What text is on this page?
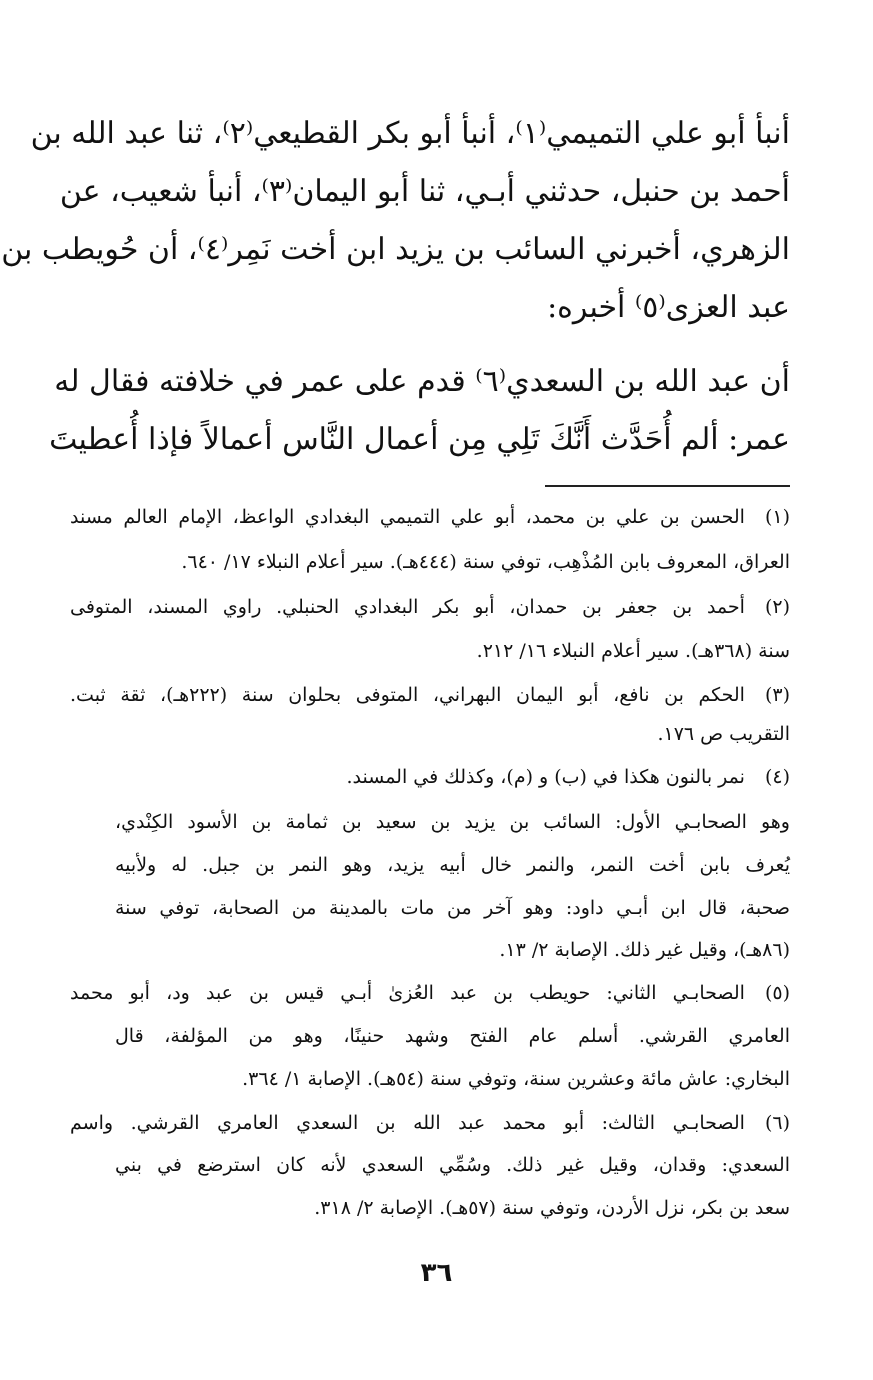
أنبأ أبو علي التميمي⁽١⁾، أنبأ أبو بكر القطيعي⁽٢⁾، ثنا عبد الله بن
أحمد بن حنبل، حدثني أبـي، ثنا أبو اليمان⁽٣⁾، أنبأ شعيب، عن
الزهري، أخبرني السائب بن يزيد ابن أخت نَمِر⁽٤⁾، أن حُويطب بن
عبد العزى⁽٥⁾ أخبره:
أن عبد الله بن السعدي⁽٦⁾ قدم على عمر في خلافته فقال له
عمر: ألم أُحَدَّث أَنَّكَ تَلِي مِن أعمال النَّاس أعمالاً فإذا أُعطيتَ
(١)الحسن بن علي بن محمد، أبو علي التميمي البغدادي الواعظ، الإمام العالم مسند
العراق، المعروف بابن المُذْهِب، توفي سنة (٤٤٤هـ). سير أعلام النبلاء ١٧/ ٦٤٠.
(٢)أحمد بن جعفر بن حمدان، أبو بكر البغدادي الحنبلي. راوي المسند، المتوفى
سنة (٣٦٨هـ). سير أعلام النبلاء ١٦/ ٢١٢.
(٣)الحكم بن نافع، أبو اليمان البهراني، المتوفى بحلوان سنة (٢٢٢هـ)، ثقة ثبت.
التقريب ص ١٧٦.
(٤)نمر بالنون هكذا في (ب) و (م)، وكذلك في المسند.
وهو الصحابـي الأول: السائب بن يزيد بن سعيد بن ثمامة بن الأسود الكِنْدي،
يُعرف بابن أخت النمر، والنمر خال أبيه يزيد، وهو النمر بن جبل. له ولأبيه
صحبة، قال ابن أبـي داود: وهو آخر من مات بالمدينة من الصحابة، توفي سنة
(٨٦هـ)، وقيل غير ذلك. الإصابة ٢/ ١٣.
(٥)الصحابـي الثاني: حويطب بن عبد العُزىٰ أبـي قيس بن عبد ود، أبو محمد
العامري القرشي. أسلم عام الفتح وشهد حنينًا، وهو من المؤلفة، قال
البخاري: عاش مائة وعشرين سنة، وتوفي سنة (٥٤هـ). الإصابة ١/ ٣٦٤.
(٦)الصحابـي الثالث: أبو محمد عبد الله بن السعدي العامري القرشي. واسم
السعدي: وقدان، وقيل غير ذلك. وسُمِّي السعدي لأنه كان استرضع في بني
سعد بن بكر، نزل الأردن، وتوفي سنة (٥٧هـ). الإصابة ٢/ ٣١٨.
٣٦
